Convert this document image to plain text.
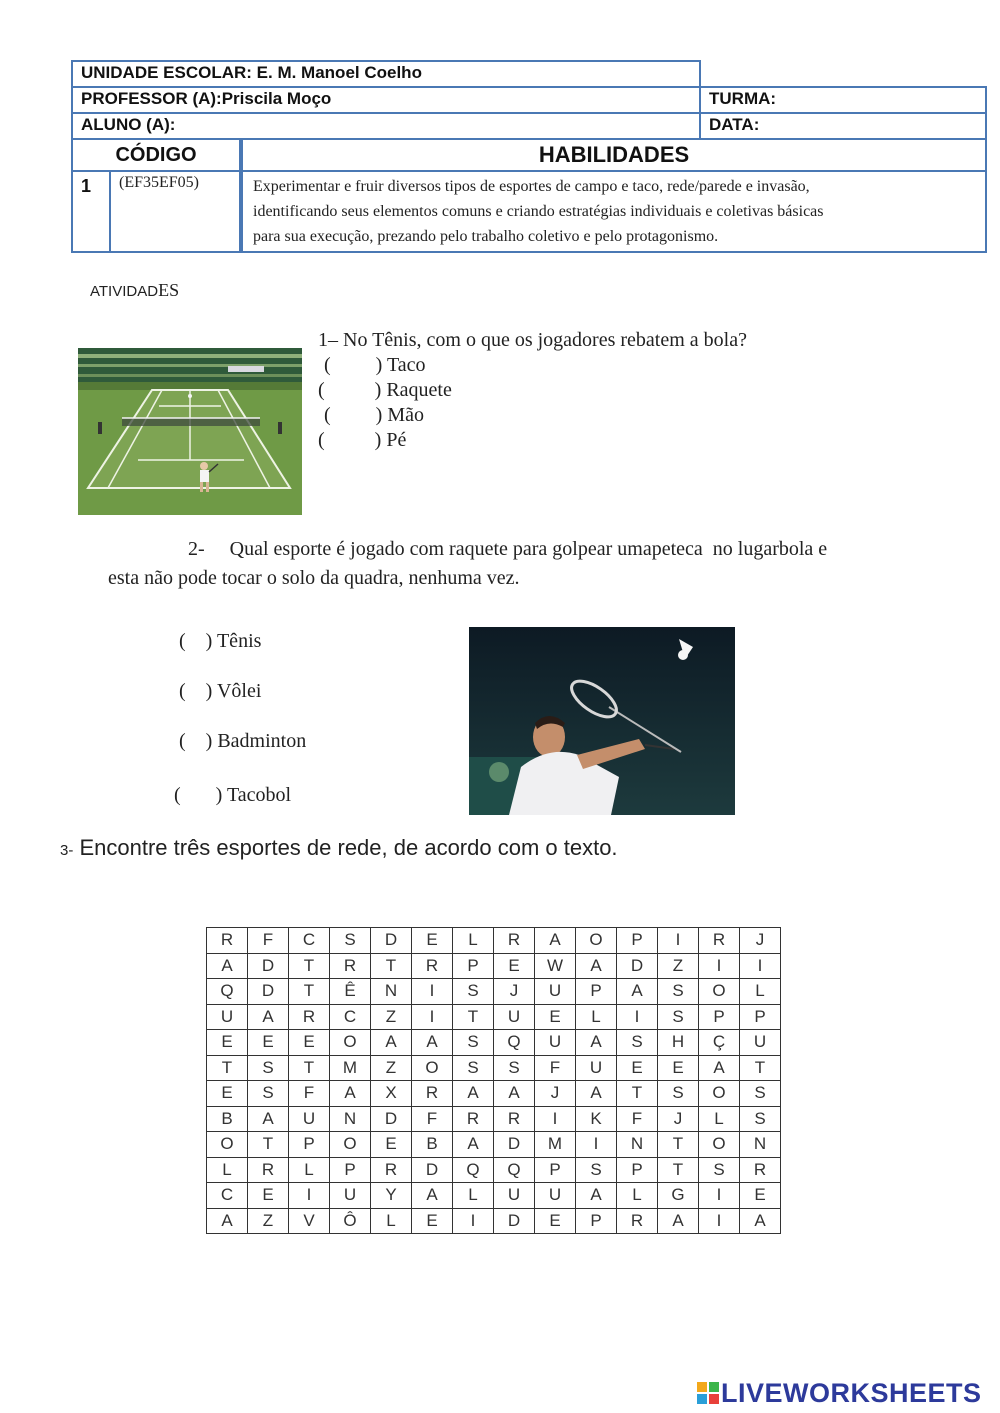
UNIDADE ESCOLAR: E. M. Manoel Coelho			
PROFESSOR (A):Priscila Moço			TURMA:
ALUNO (A):			DATA:
CÓDIGO		HABILIDADES	
1	(EF35EF05)	Experimentar e fruir diversos tipos de esportes de campo e taco, rede/parede e invasão,
identificando seus elementos comuns e criando estratégias individuais e coletivas básicas
para sua execução, prezando pelo trabalho coletivo e pelo protagonismo.	
ATIVIDADES
1– No Tênis, com o que os jogadores rebatem a bola?
(         ) Taco
(          ) Raquete
(         ) Mão
(          ) Pé
2-     Qual esporte é jogado com raquete para golpear umapeteca  no lugarbola e
esta não pode tocar o solo da quadra, nenhuma vez.
(    ) Tênis
(    ) Vôlei
(    ) Badminton
(       ) Tacobol
3- Encontre três esportes de rede, de acordo com o texto.
R	F	C	S	D	E	L	R	A	O	P	I	R	J
A	D	T	R	T	R	P	E	W	A	D	Z	I	I
Q	D	T	Ê	N	I	S	J	U	P	A	S	O	L
U	A	R	C	Z	I	T	U	E	L	I	S	P	P
E	E	E	O	A	A	S	Q	U	A	S	H	Ç	U
T	S	T	M	Z	O	S	S	F	U	E	E	A	T
E	S	F	A	X	R	A	A	J	A	T	S	O	S
B	A	U	N	D	F	R	R	I	K	F	J	L	S
O	T	P	O	E	B	A	D	M	I	N	T	O	N
L	R	L	P	R	D	Q	Q	P	S	P	T	S	R
C	E	I	U	Y	A	L	U	U	A	L	G	I	E
A	Z	V	Ô	L	E	I	D	E	P	R	A	I	A
LIVEWORKSHEETS
